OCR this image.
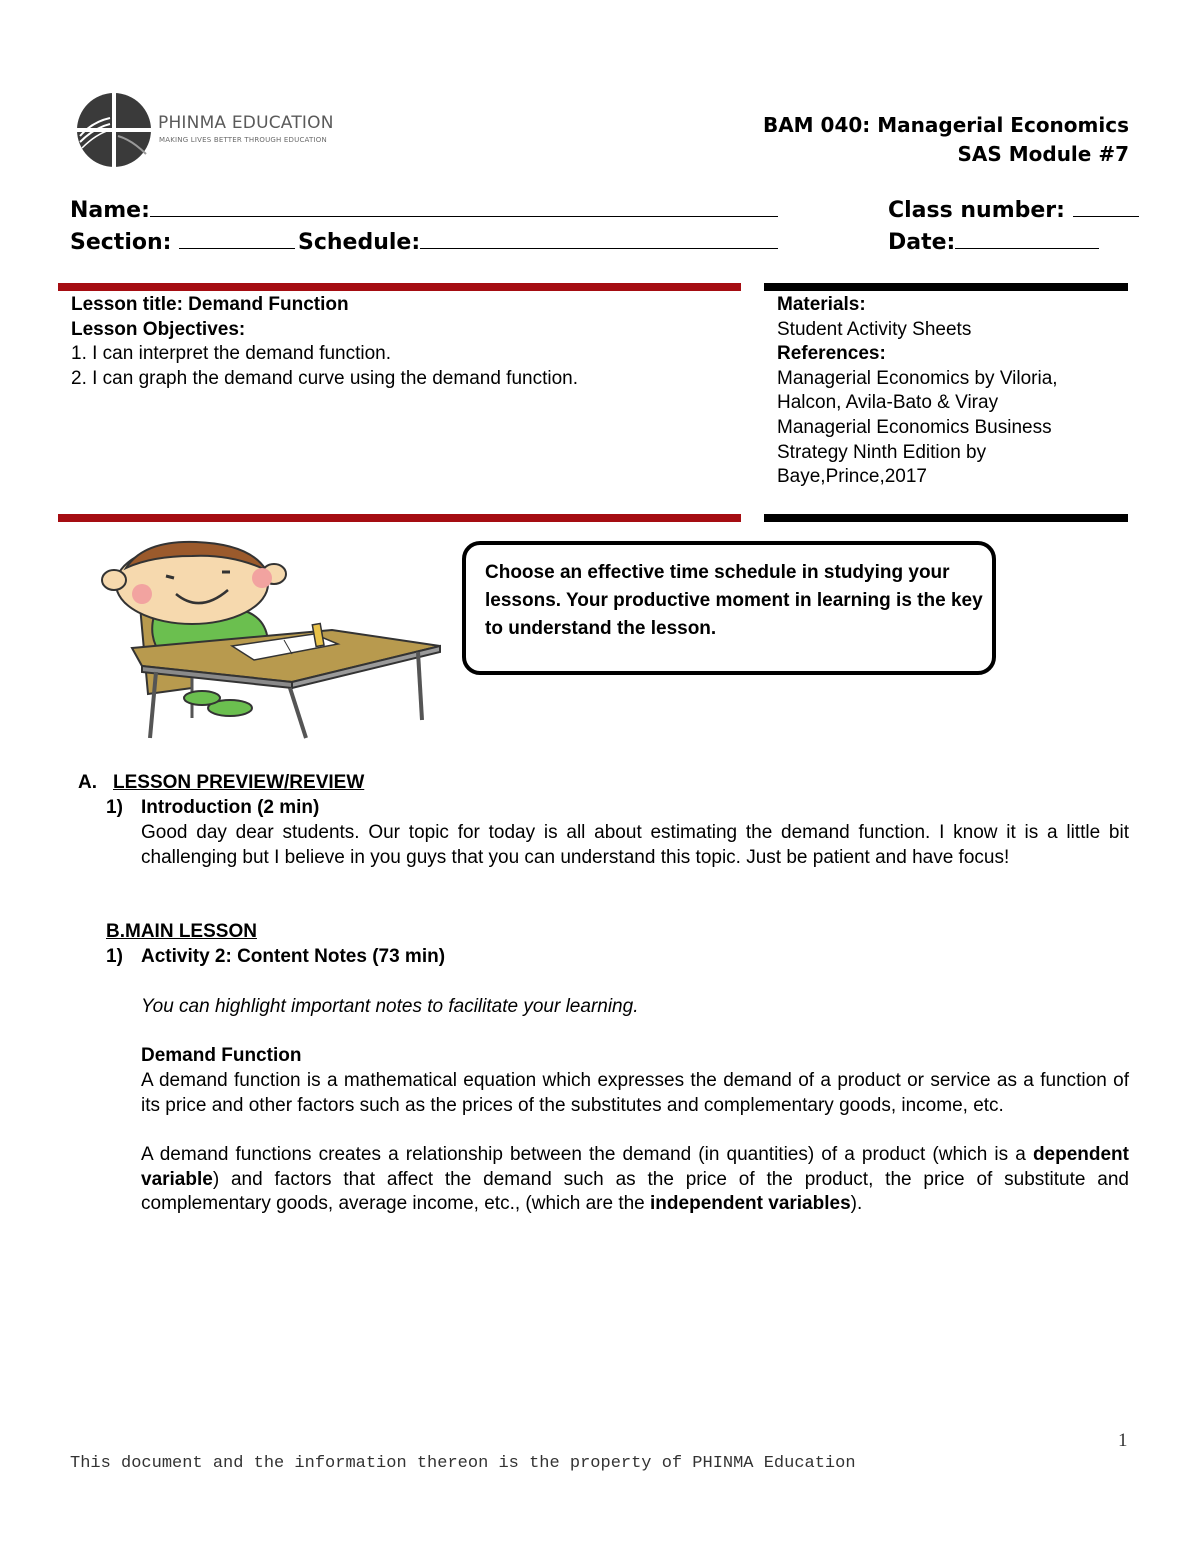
PHINMA EDUCATION
MAKING LIVES BETTER THROUGH EDUCATION
BAM 040: Managerial Economics
SAS Module #7
Name:	Class number:
Section:	Schedule:	Date:
Lesson title: Demand Function
Lesson Objectives:
1. I can interpret the demand function.
2. I can graph the demand curve using the demand function.
Materials:
Student Activity Sheets
References:
Managerial Economics by Viloria,
Halcon, Avila-Bato & Viray
Managerial Economics Business
Strategy Ninth Edition by
Baye,Prince,2017
Choose an effective time schedule in studying your lessons. Your productive moment in learning is the key to understand the lesson.
A. LESSON PREVIEW/REVIEW
1) Introduction (2 min)
Good day dear students. Our topic for today is all about estimating the demand function. I know it is a little bit challenging but I believe in you guys that you can understand this topic. Just be patient and have focus!
B.MAIN LESSON
1) Activity 2: Content Notes (73 min)
You can highlight important notes to facilitate your learning.
Demand Function
A demand function is a mathematical equation which expresses the demand of a product or service as a function of its price and other factors such as the prices of the substitutes and complementary goods, income, etc.
A demand functions creates a relationship between the demand (in quantities) of a product (which is a dependent variable) and factors that affect the demand such as the price of the product, the price of substitute and complementary goods, average income, etc., (which are the independent variables).
1
This document and the information thereon is the property of PHINMA Education
